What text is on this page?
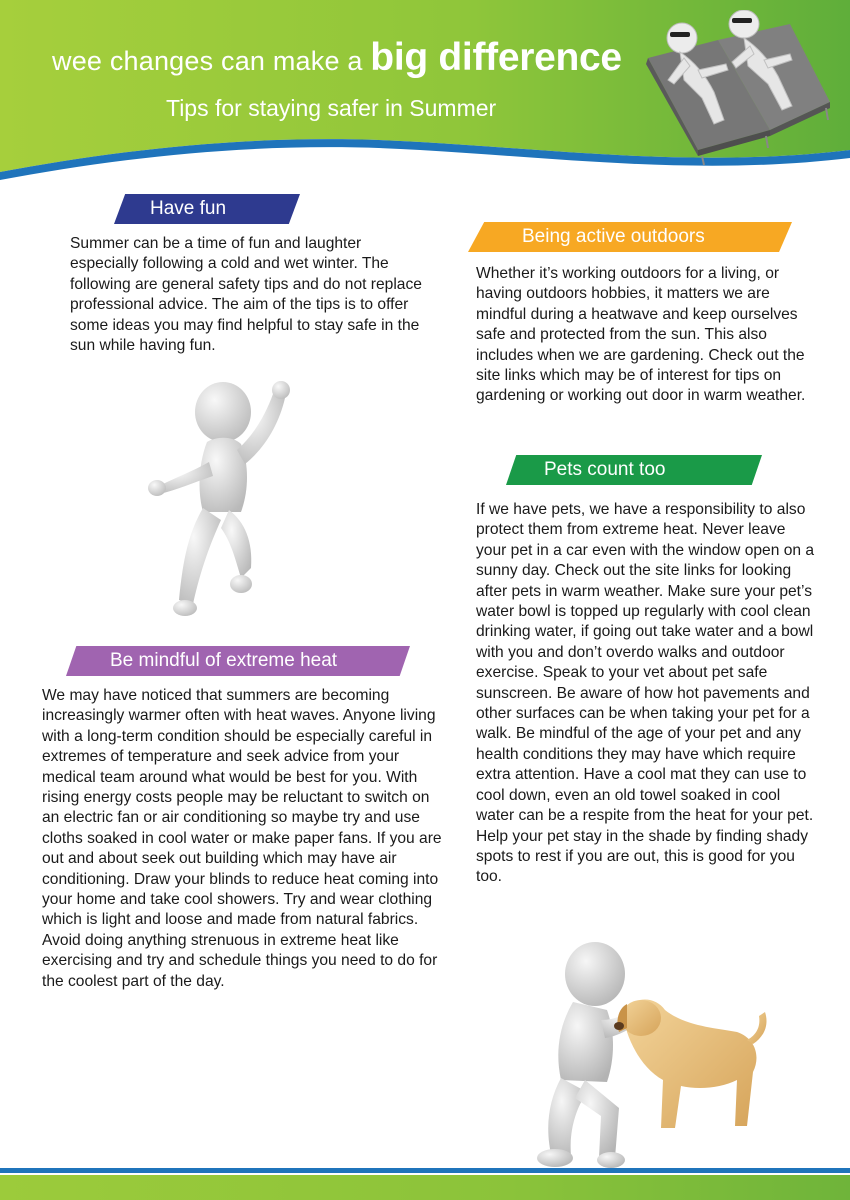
wee changes can make a big difference
Tips for staying safer in Summer
Have fun
Summer can be a time of fun and laughter especially following a cold and wet winter. The following are general safety tips and do not replace professional advice. The aim of the tips is to offer some ideas you may find helpful to stay safe in the sun while having fun.
Being active outdoors
Whether it’s working outdoors for a living, or having outdoors hobbies, it matters we are mindful during a heatwave and keep ourselves safe and protected from the sun. This also includes when we are gardening. Check out the site links which may be of interest for tips on gardening or working out door in warm weather.
Pets count too
If we have pets, we have a responsibility to also protect them from extreme heat. Never leave your pet in a car even with the window open on a sunny day. Check out the site links for looking after pets in warm weather. Make sure your pet’s water bowl is topped up regularly with cool clean drinking water, if going out take water and a bowl with you and don’t overdo walks and outdoor exercise. Speak to your vet about pet safe sunscreen. Be aware of how hot pavements and other surfaces can be when taking your pet for a walk. Be mindful of the age of your pet and any health conditions they may have which require extra attention. Have a cool mat they can use to cool down, even an old towel soaked in cool water can be a respite from the heat for your pet. Help your pet stay in the shade by finding shady spots to rest if you are out, this is good for you too.
Be mindful of extreme heat
We may have noticed that summers are becoming increasingly warmer often with heat waves. Anyone living with a long-term condition should be especially careful in extremes of temperature and seek advice from your medical team around what would be best for you. With rising energy costs people may be reluctant to switch on an electric fan or air conditioning so maybe try and use cloths soaked in cool water or make paper fans. If you are out and about seek out building which may have air conditioning. Draw your blinds to reduce heat coming into your home and take cool showers. Try and wear clothing which is light and loose and made from natural fabrics. Avoid doing anything strenuous in extreme heat like exercising and try and schedule things you need to do for the coolest part of the day.
